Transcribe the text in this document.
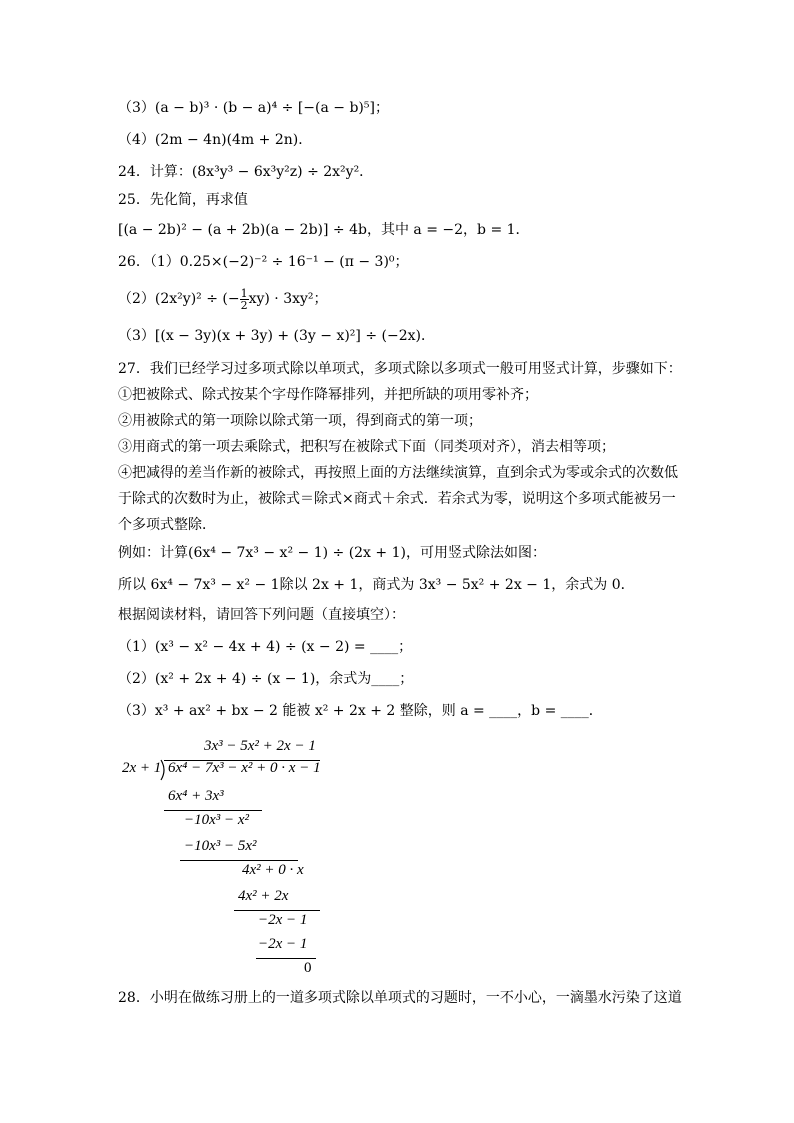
（3）(a − b)³ · (b − a)⁴ ÷ [−(a − b)⁵]；
（4）(2m − 4n)(4m + 2n)．
24．计算：(8x³y³ − 6x³y²z) ÷ 2x²y²．
25．先化简，再求值
[(a − 2b)² − (a + 2b)(a − 2b)] ÷ 4b，其中 a = −2，b = 1．
26．（1）0.25×(−2)⁻² ÷ 16⁻¹ − (π − 3)⁰；
（2）(2x²y)² ÷ (− $\frac{1}{2} xy) \cdot 3xy^2$；
（3）[(x − 3y)(x + 3y) + (3y − x)²] ÷ (−2x)．
27．我们已经学习过多项式除以单项式，多项式除以多项式一般可用竖式计算，步骤如下：
①把被除式、除式按某个字母作降幂排列，并把所缺的项用零补齐；
②用被除式的第一项除以除式第一项，得到商式的第一项；
③用商式的第一项去乘除式，把积写在被除式下面（同类项对齐），消去相等项；
④把减得的差当作新的被除式，再按照上面的方法继续演算，直到余式为零或余式的次数低
于除式的次数时为止，被除式＝除式×商式＋余式．若余式为零，说明这个多项式能被另一
个多项式整除．
例如：计算(6x⁴ − 7x³ − x² − 1) ÷ (2x + 1)，可用竖式除法如图：
所以 6x⁴ − 7x³ − x² − 1除以 2x + 1，商式为 3x³ − 5x² + 2x − 1，余式为 0．
根据阅读材料，请回答下列问题（直接填空）：
（1）(x³ − x² − 4x + 4) ÷ (x − 2) = ____；
（2）(x² + 2x + 4) ÷ (x − 1)，余式为____；
（3）x³ + ax² + bx − 2 能被 x² + 2x + 2 整除，则 a = ____，b = ____．
3x³ − 5x² + 2x − 1
2x + 1 6x⁴ − 7x³ − x² + 0 · x − 1
6x⁴ + 3x³
−10x³ − x²
−10x³ − 5x²
4x² + 0 · x
4x² + 2x
−2x − 1
−2x − 1
0
28．小明在做练习册上的一道多项式除以单项式的习题时，一不小心，一滴墨水污染了这道
